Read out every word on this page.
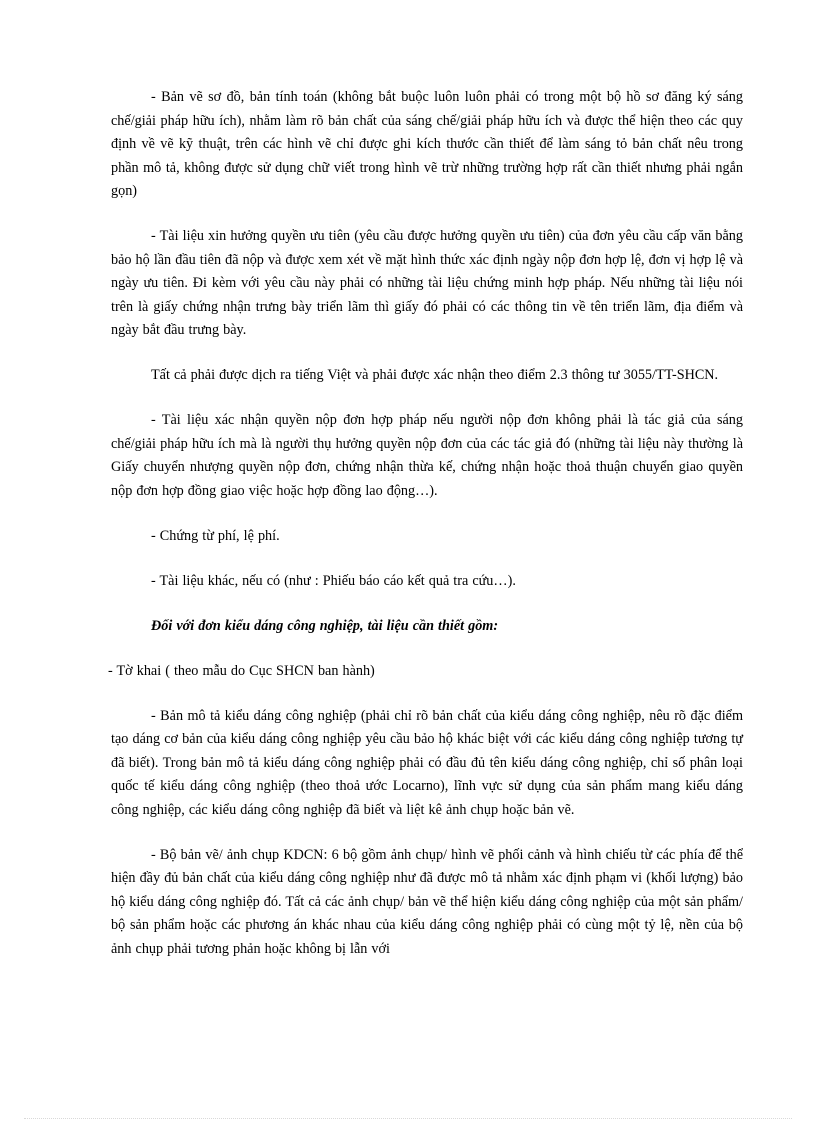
- Bản vẽ sơ đồ, bản tính toán (không bắt buộc luôn luôn phải có trong một bộ hồ sơ đăng ký sáng chế/giải pháp hữu ích), nhằm làm rõ bản chất của sáng chế/giải pháp hữu ích và được thể hiện theo các quy định về vẽ kỹ thuật, trên các hình vẽ chỉ được ghi kích thước cần thiết để làm sáng tỏ bản chất nêu trong phần mô tả, không được sử dụng chữ viết trong hình vẽ trừ những trường hợp rất cần thiết nhưng phải ngắn gọn)

- Tài liệu xin hưởng quyền ưu tiên (yêu cầu được hưởng quyền ưu tiên) của đơn yêu cầu cấp văn bằng bảo hộ lần đầu tiên đã nộp và được xem xét về mặt hình thức xác định ngày nộp đơn hợp lệ, đơn vị hợp lệ và ngày ưu tiên. Đi kèm với yêu cầu này phải có những tài liệu chứng minh hợp pháp. Nếu những tài liệu nói trên là giấy chứng nhận trưng bày triển lãm thì giấy đó phải có các thông tin về tên triển lãm, địa điểm và ngày bắt đầu trưng bày.

Tất cả phải được dịch ra tiếng Việt và phải được xác nhận theo điểm 2.3 thông tư 3055/TT-SHCN.

- Tài liệu xác nhận quyền nộp đơn hợp pháp nếu người nộp đơn không phải là tác giả của sáng chế/giải pháp hữu ích mà là người thụ hưởng quyền nộp đơn của các tác giả đó (những tài liệu này thường là Giấy chuyển nhượng quyền nộp đơn, chứng nhận thừa kế, chứng nhận hoặc thoả thuận chuyển giao quyền nộp đơn hợp đồng giao việc hoặc hợp đồng lao động…).

- Chứng từ phí, lệ phí.

- Tài liệu khác, nếu có (như : Phiếu báo cáo kết quả tra cứu…).

Đối với đơn kiểu dáng công nghiệp, tài liệu cần thiết gồm:

- Tờ khai ( theo mẫu do Cục SHCN ban hành)

- Bản mô tả kiểu dáng công nghiệp (phải chỉ rõ bản chất của kiểu dáng công nghiệp, nêu rõ đặc điểm tạo dáng cơ bản của kiểu dáng công nghiệp yêu cầu bảo hộ khác biệt với các kiểu dáng công nghiệp tương tự đã biết). Trong bản mô tả kiểu dáng công nghiệp phải có đầu đủ tên kiểu dáng công nghiệp, chỉ số phân loại quốc tế kiểu dáng công nghiệp (theo thoả ước Locarno), lĩnh vực sử dụng của sản phẩm mang kiểu dáng công nghiệp, các kiểu dáng công nghiệp đã biết và liệt kê ảnh chụp hoặc bản vẽ.

- Bộ bản vẽ/ ảnh chụp KDCN: 6 bộ gồm ảnh chụp/ hình vẽ phối cảnh và hình chiếu từ các phía để thể hiện đầy đủ bản chất của kiểu dáng công nghiệp như đã được mô tả nhằm xác định phạm vi (khối lượng) bảo hộ kiểu dáng công nghiệp đó. Tất cả các ảnh chụp/ bản vẽ thể hiện kiểu dáng công nghiệp của một sản phẩm/ bộ sản phẩm hoặc các phương án khác nhau của kiểu dáng công nghiệp phải có cùng một tỷ lệ, nền của bộ ảnh chụp phải tương phản hoặc không bị lẫn với
